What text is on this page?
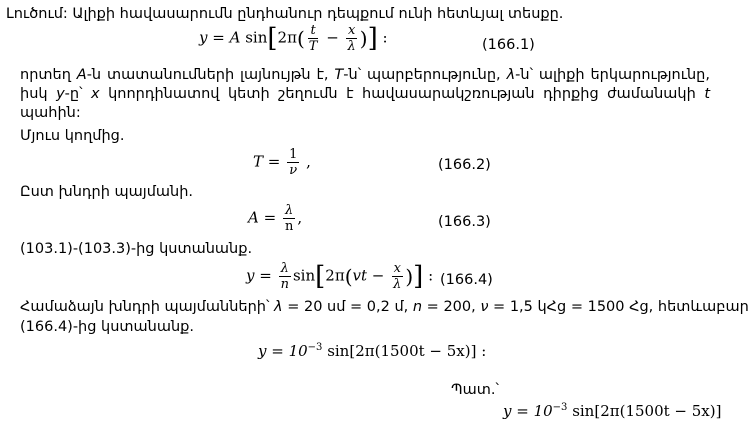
Լուծում: Ալիքի հավասարումն ընդհանուր դեպքում ունի հետևյալ տեսքը.
y = A $\sin[2\pi( \frac{t}{T} - \frac{x}{\lambda}$ )] :	(166.1)
որտեղ A-ն տատանումների լայնույթն է, T-ն՝ պարբերությունը, λ-ն՝ ալիքի երկարությունը,
իսկ y-ը՝ x կոորդինատով կետի շեղումն է հավասարակշռության դիրքից ժամանակի t
պահին:
Մյուս կողմից.
$T = \frac{1}{\nu}$ ,	(166.2)
Ըստ խնդրի պայմանի.
$A = \frac{\lambda}{n}$ ,	(166.3)
(103.1)-(103.3)-ից կստանանք.
$y = \frac{\lambda}{n} \sin[2\pi(vt - \frac{x}{\lambda}$ )] : (166.4)
Համաձայն խնդրի պայմանների՝ λ = 20 սմ = 0,2 մ, n = 200, ν = 1,5 կՀց = 1500 Հց, հետևաբար
(166.4)-ից կստանանք.
$y = 10^{-3}$ sin[2π(1500t − 5x)] :
Պատ.՝
$y = 10^{-3}$ sin[2π(1500t − 5x)]
